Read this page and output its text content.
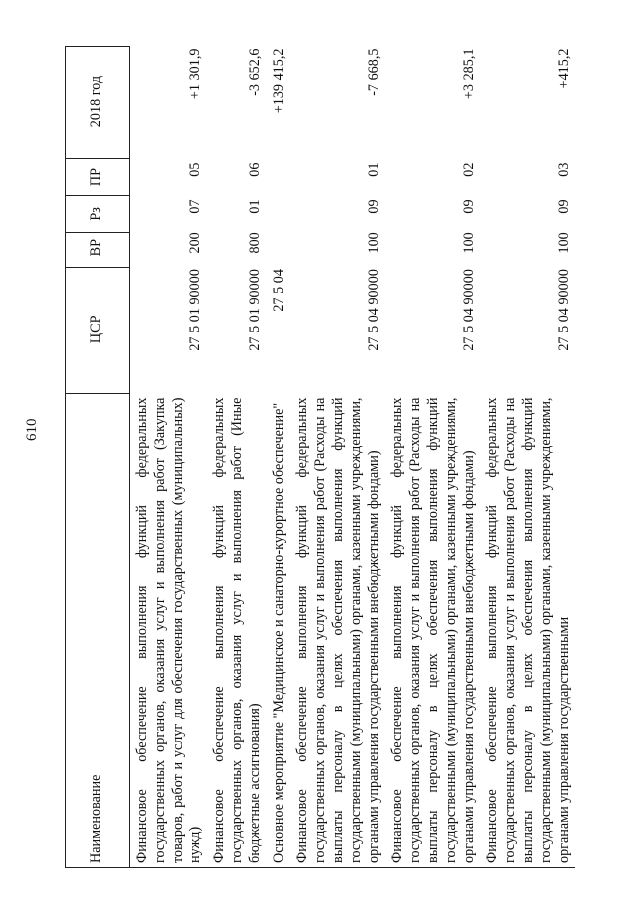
610
Наименование	ЦСР	ВР	Рз	ПР	2018 год
Финансовое обеспечение выполнения функций федеральных государственных органов, оказания услуг и выполнения работ (Закупка товаров, работ и услуг для обеспечения государственных (муниципальных) нужд)	27 5 01 90000	200	07	05	+1 301,9
Финансовое обеспечение выполнения функций федеральных государственных органов, оказания услуг и выполнения работ (Иные бюджетные ассигнования)	27 5 01 90000	800	01	06	-3 652,6
Основное мероприятие "Медицинское и санаторно-курортное обеспечение"	27 5 04				+139 415,2
Финансовое обеспечение выполнения функций федеральных государственных органов, оказания услуг и выполнения работ (Расходы на выплаты персоналу в целях обеспечения выполнения функций государственными (муниципальными) органами, казенными учреждениями, органами управления государственными внебюджетными фондами)	27 5 04 90000	100	09	01	-7 668,5
Финансовое обеспечение выполнения функций федеральных государственных органов, оказания услуг и выполнения работ (Расходы на выплаты персоналу в целях обеспечения выполнения функций государственными (муниципальными) органами, казенными учреждениями, органами управления государственными внебюджетными фондами)	27 5 04 90000	100	09	02	+3 285,1
Финансовое обеспечение выполнения функций федеральных государственных органов, оказания услуг и выполнения работ (Расходы на выплаты персоналу в целях обеспечения выполнения функций государственными (муниципальными) органами, казенными учреждениями, органами управления государственными	27 5 04 90000	100	09	03	+415,2
